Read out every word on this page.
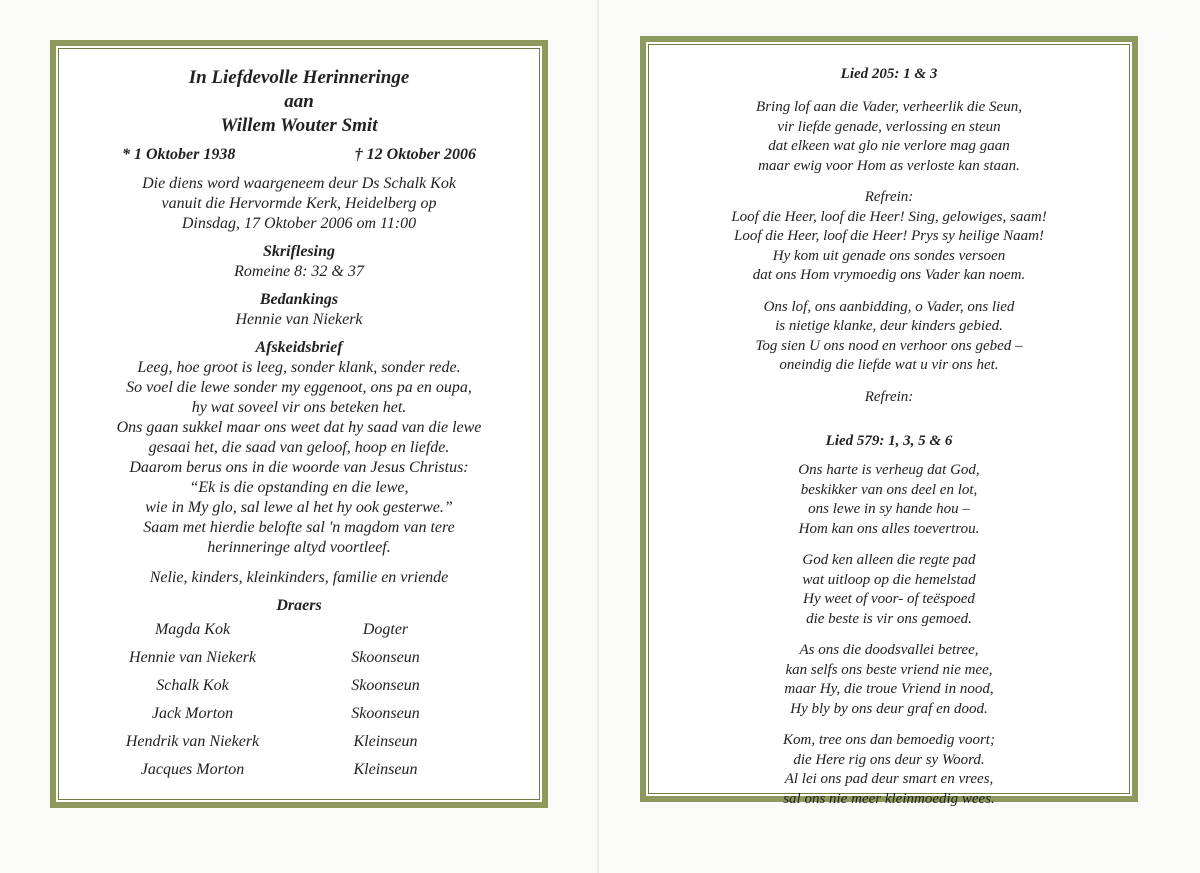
In Liefdevolle Herinneringe

aan

Willem Wouter Smit

* 1 Oktober 1938	† 12 Oktober 2006

Die diens word waargeneem deur Ds Schalk Kok

vanuit die Hervormde Kerk, Heidelberg op

Dinsdag, 17 Oktober 2006 om 11:00

Skriflesing

Romeine 8: 32 & 37

Bedankings

Hennie van Niekerk

Afskeidsbrief

Leeg, hoe groot is leeg, sonder klank, sonder rede.

So voel die lewe sonder my eggenoot, ons pa en oupa,

hy wat soveel vir ons beteken het.

Ons gaan sukkel maar ons weet dat hy saad van die lewe

gesaai het, die saad van geloof, hoop en liefde.

Daarom berus ons in die woorde van Jesus Christus:

“Ek is die opstanding en die lewe,

wie in My glo, sal lewe al het hy ook gesterwe.”

Saam met hierdie belofte sal 'n magdom van tere

herinneringe altyd voortleef.

Nelie, kinders, kleinkinders, familie en vriende

Draers

Magda Kok	Dogter
Hennie van Niekerk	Skoonseun
Schalk Kok	Skoonseun
Jack Morton	Skoonseun
Hendrik van Niekerk	Kleinseun
Jacques Morton	Kleinseun

Lied 205: 1 & 3

Bring lof aan die Vader, verheerlik die Seun,

vir liefde genade, verlossing en steun

dat elkeen wat glo nie verlore mag gaan

maar ewig voor Hom as verloste kan staan.

Refrein:

Loof die Heer, loof die Heer! Sing, gelowiges, saam!

Loof die Heer, loof die Heer! Prys sy heilige Naam!

Hy kom uit genade ons sondes versoen

dat ons Hom vrymoedig ons Vader kan noem.

Ons lof, ons aanbidding, o Vader, ons lied

is nietige klanke, deur kinders gebied.

Tog sien U ons nood en verhoor ons gebed –

oneindig die liefde wat u vir ons het.

Refrein:

Lied 579: 1, 3, 5 & 6

Ons harte is verheug dat God,

beskikker van ons deel en lot,

ons lewe in sy hande hou –

Hom kan ons alles toevertrou.

God ken alleen die regte pad

wat uitloop op die hemelstad

Hy weet of voor- of teëspoed

die beste is vir ons gemoed.

As ons die doodsvallei betree,

kan selfs ons beste vriend nie mee,

maar Hy, die troue Vriend in nood,

Hy bly by ons deur graf en dood.

Kom, tree ons dan bemoedig voort;

die Here rig ons deur sy Woord.

Al lei ons pad deur smart en vrees,

sal ons nie meer kleinmoedig wees.
